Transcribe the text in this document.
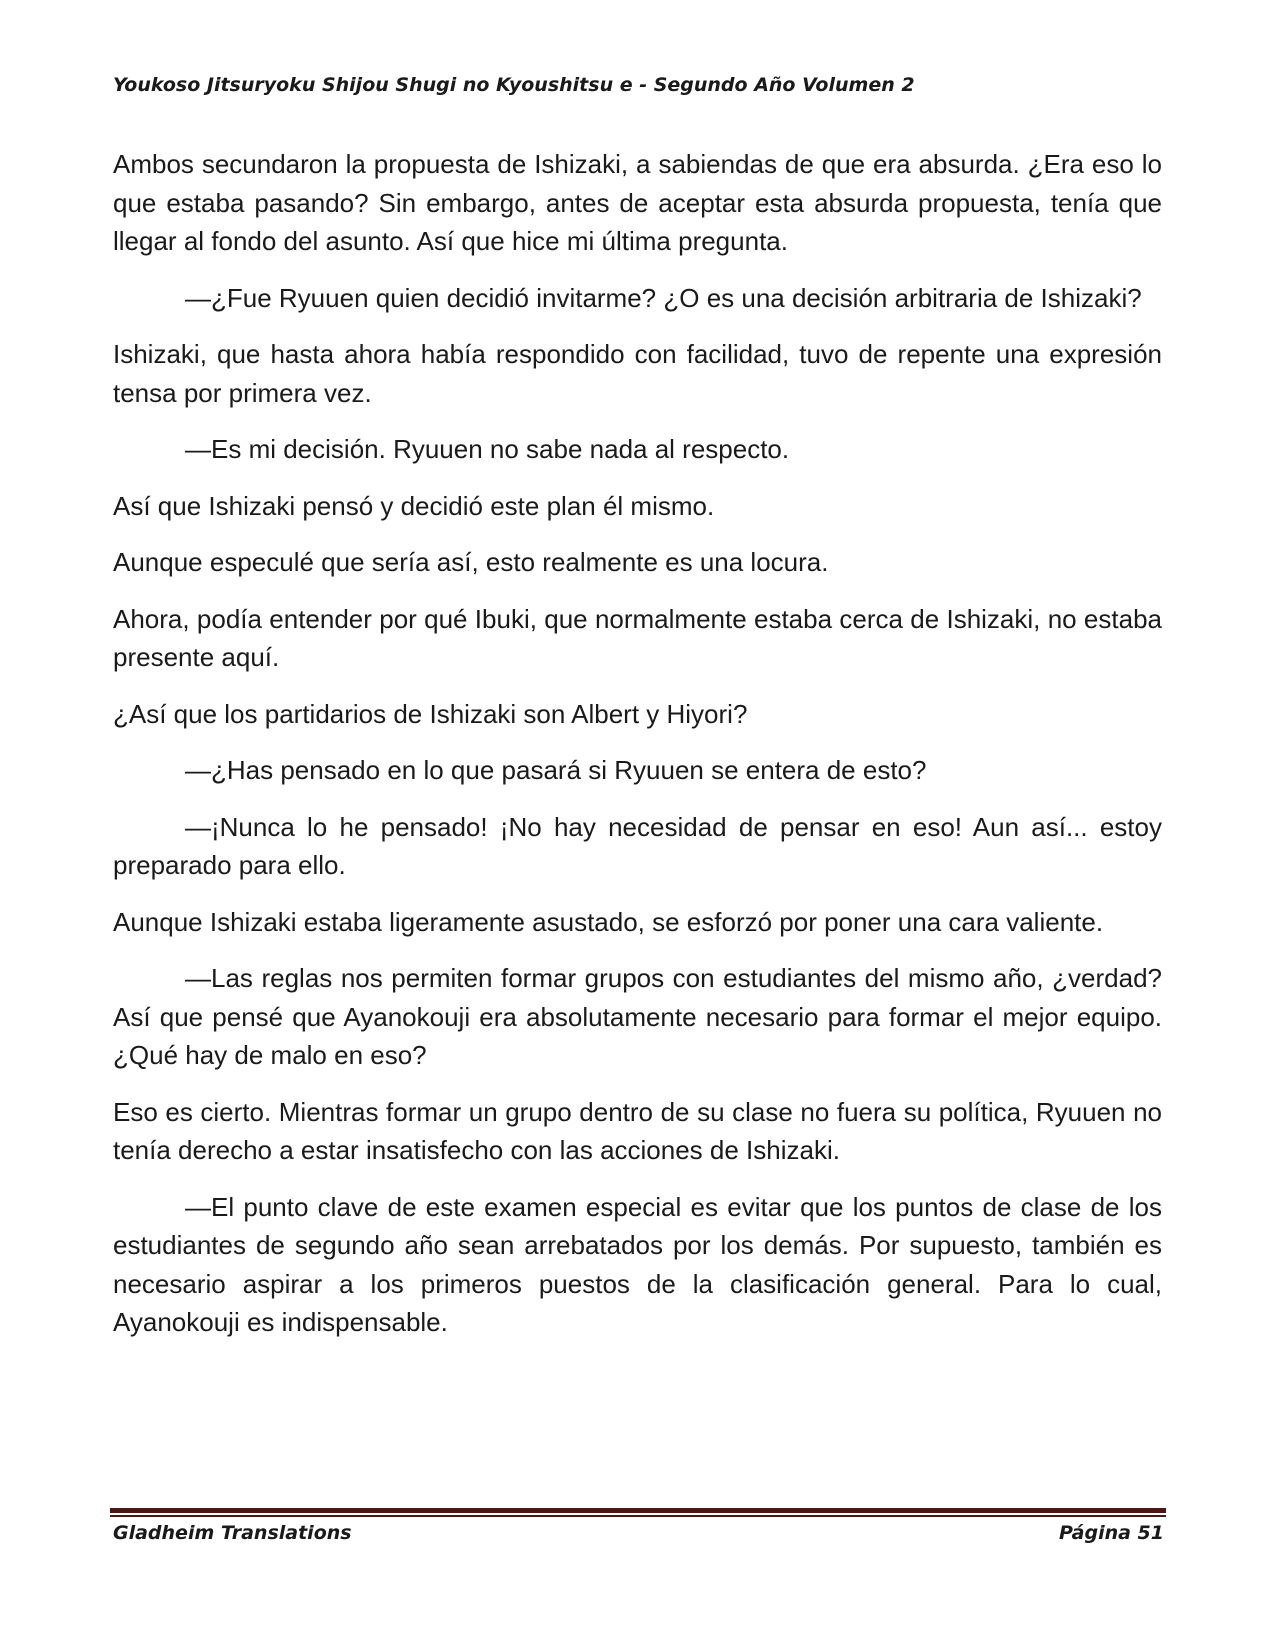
Youkoso Jitsuryoku Shijou Shugi no Kyoushitsu e - Segundo Año Volumen 2

Ambos secundaron la propuesta de Ishizaki, a sabiendas de que era absurda. ¿Era eso lo que estaba pasando? Sin embargo, antes de aceptar esta absurda propuesta, tenía que llegar al fondo del asunto. Así que hice mi última pregunta.

—¿Fue Ryuuen quien decidió invitarme? ¿O es una decisión arbitraria de Ishizaki?

Ishizaki, que hasta ahora había respondido con facilidad, tuvo de repente una expresión tensa por primera vez.

—Es mi decisión. Ryuuen no sabe nada al respecto.

Así que Ishizaki pensó y decidió este plan él mismo.

Aunque especulé que sería así, esto realmente es una locura.

Ahora, podía entender por qué Ibuki, que normalmente estaba cerca de Ishizaki, no estaba presente aquí.

¿Así que los partidarios de Ishizaki son Albert y Hiyori?

—¿Has pensado en lo que pasará si Ryuuen se entera de esto?

—¡Nunca lo he pensado! ¡No hay necesidad de pensar en eso! Aun así... estoy preparado para ello.

Aunque Ishizaki estaba ligeramente asustado, se esforzó por poner una cara valiente.

—Las reglas nos permiten formar grupos con estudiantes del mismo año, ¿verdad? Así que pensé que Ayanokouji era absolutamente necesario para formar el mejor equipo. ¿Qué hay de malo en eso?

Eso es cierto. Mientras formar un grupo dentro de su clase no fuera su política, Ryuuen no tenía derecho a estar insatisfecho con las acciones de Ishizaki.

—El punto clave de este examen especial es evitar que los puntos de clase de los estudiantes de segundo año sean arrebatados por los demás. Por supuesto, también es necesario aspirar a los primeros puestos de la clasificación general. Para lo cual, Ayanokouji es indispensable.

Gladheim Translations	Página 51
